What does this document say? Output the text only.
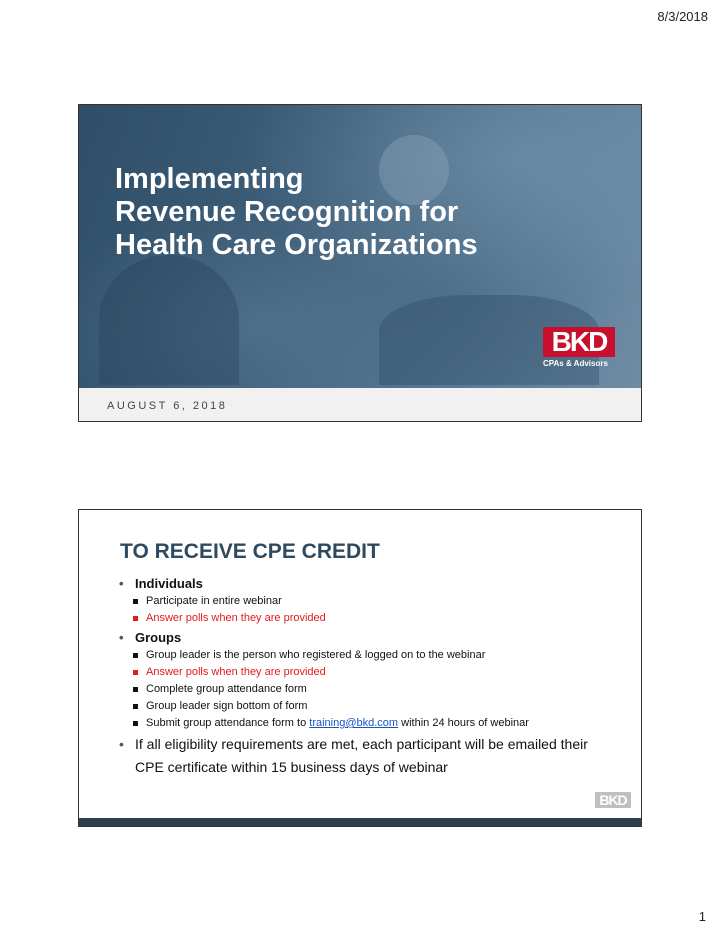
8/3/2018
Implementing
Revenue Recognition for
Health Care Organizations
BKD
CPAs & Advisors
AUGUST 6, 2018
TO RECEIVE CPE CREDIT
• Individuals
Participate in entire webinar
Answer polls when they are provided
• Groups
Group leader is the person who registered & logged on to the webinar
Answer polls when they are provided
Complete group attendance form
Group leader sign bottom of form
Submit group attendance form to training@bkd.com within 24 hours of webinar
• If all eligibility requirements are met, each participant will be emailed their CPE certificate within 15 business days of webinar
BKD
1
